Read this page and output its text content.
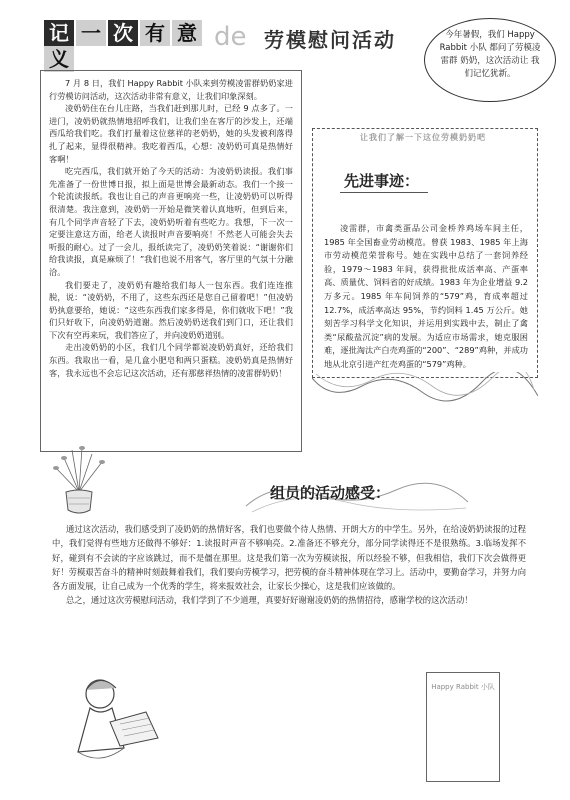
记 一 次 有 意义
de 劳模慰问活动	今年暑假，我们 Happy Rabbit 小队 都问了劳模凌雷群 奶奶，这次活动让 我们记忆犹新。

7 月 8 日，我们 Happy Rabbit 小队来到劳模凌雷群奶奶家进行劳模访问活动，这次活动非常有意义，让我们印象深刻。

凌奶奶住在台儿庄路，当我们赶到那儿时，已经 9 点多了。一进门，凌奶奶就热情地招呼我们，让我们坐在客厅的沙发上，还端西瓜给我们吃。我们打量着这位慈祥的老奶奶，她的头发被利落得扎了起来，显得很精神。我吃着西瓜，心想：凌奶奶可真是热情好客啊！

吃完西瓜，我们就开始了今天的活动：为凌奶奶读报。我们事先准备了一份世博日报，拟上面是世博会最新动态。我们一个接一个轮流读报纸。我也让自己的声音更响亮一些，让凌奶奶可以听得很清楚。我注意到，凌奶奶一开始是微笑着认真地听，但到后来，有几个同学声音轻了下去，凌奶奶听着有些吃力。我想，下一次一定要注意这方面，给老人读报时声音要响亮！不然老人可能会失去听报的耐心。过了一会儿，报纸读完了，凌奶奶笑着说：“谢谢你们给我读报，真是麻烦了！”我们也说不用客气，客厅里的气氛十分融洽。

我们要走了，凌奶奶有趣给我们每人一包东西。我们连连推脱，说：“凌奶奶，不用了，这些东西还是您自己留着吧！”但凌奶奶执意要给，她说：“这些东西我们家多得是，你们就收下吧！”我们只好收下，向凌奶奶道谢。然后凌奶奶送我们到门口，还让我们下次有空再来玩，我们答应了，并向凌奶奶道别。

走出凌奶奶的小区，我们几个同学都说凌奶奶真好，还给我们东西。我取出一看，是几盒小肥皂和两只蛋糕。凌奶奶真是热情好客，我永远也不会忘记这次活动，还有那慈祥热情的凌雷群奶奶！

让我们了解一下这位劳模奶奶吧
先进事迹：

凌雷群，市禽类蛋品公司金桥养鸡场车间主任，1985 年全国畜业劳动模范。曾获 1983、1985 年上海市劳动模范荣誉称号。她在实践中总结了一套饲养经验，1979～1983 年间，获得批批成活率高、产蛋率高、质量优、饲料省的好成绩。1983 年为企业增益 9.2 万多元。1985 年车间饲养的“579”鸡，育成率超过 12.7%，成活率高达 95%，节约饲料 1.45 万公斤。她刻苦学习科学文化知识，并运用到实践中去，制止了禽类“尿酸盐沉淀”病的发展。为适应市场需求，她克服困难，逐批淘汰产白壳鸡蛋的“200”、“289”鸡种，并成功地从北京引进产红壳鸡蛋的“579”鸡种。

组员的活动感受：

通过这次活动，我们感受到了凌奶奶的热情好客，我们也要做个待人热情、开朗大方的中学生。另外，在给凌奶奶读报的过程中，我们觉得有些地方还做得不够好：1.读报时声音不够响亮。2.准备还不够充分，部分同学读得还不是很熟练。3.临场发挥不好，碰到有不会读的字应该跳过，而不是僵在那里。这是我们第一次为劳模读报，所以经验不够，但我相信，我们下次会做得更好！劳模艰苦奋斗的精神时刻鼓舞着我们，我们要向劳模学习，把劳模的奋斗精神体现在学习上。活动中，要勤奋学习，并努力向各方面发展，让自己成为一个优秀的学生，将来报效社会，让家长少操心，这是我们应该做的。

总之，通过这次劳模慰问活动，我们学到了不少道理，真要好好谢谢凌奶奶的热情招待，感谢学校的这次活动！

Happy Rabbit 小队
